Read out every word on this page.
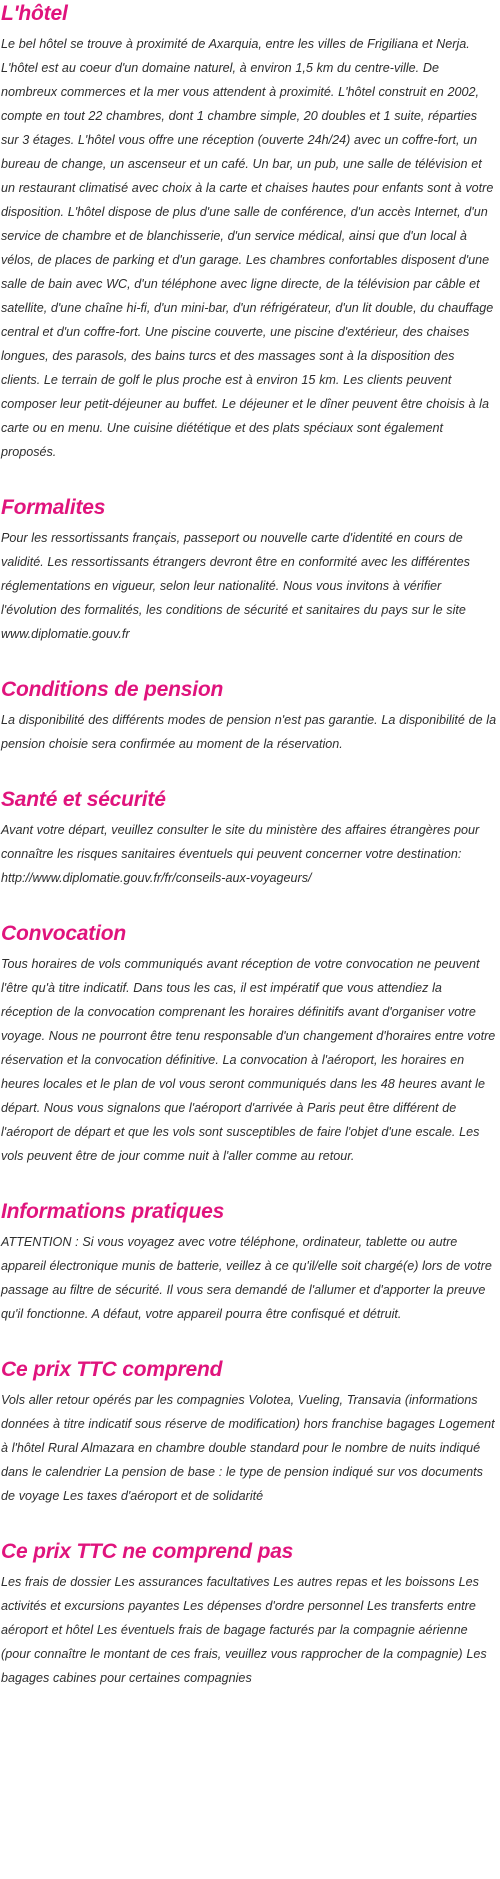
L'hôtel

Le bel hôtel se trouve à proximité de Axarquia, entre les villes de Frigiliana et Nerja. L'hôtel est au coeur d'un domaine naturel, à environ 1,5 km du centre-ville. De nombreux commerces et la mer vous attendent à proximité. L'hôtel construit en 2002, compte en tout 22 chambres, dont 1 chambre simple, 20 doubles et 1 suite, réparties sur 3 étages. L'hôtel vous offre une réception (ouverte 24h/24) avec un coffre-fort, un bureau de change, un ascenseur et un café. Un bar, un pub, une salle de télévision et un restaurant climatisé avec choix à la carte et chaises hautes pour enfants sont à votre disposition. L'hôtel dispose de plus d'une salle de conférence, d'un accès Internet, d'un service de chambre et de blanchisserie, d'un service médical, ainsi que d'un local à vélos, de places de parking et d'un garage. Les chambres confortables disposent d'une salle de bain avec WC, d'un téléphone avec ligne directe, de la télévision par câble et satellite, d'une chaîne hi-fi, d'un mini-bar, d'un réfrigérateur, d'un lit double, du chauffage central et d'un coffre-fort. Une piscine couverte, une piscine d'extérieur, des chaises longues, des parasols, des bains turcs et des massages sont à la disposition des clients. Le terrain de golf le plus proche est à environ 15 km. Les clients peuvent composer leur petit-déjeuner au buffet. Le déjeuner et le dîner peuvent être choisis à la carte ou en menu. Une cuisine diététique et des plats spéciaux sont également proposés.

Formalites

Pour les ressortissants français, passeport ou nouvelle carte d'identité en cours de validité. Les ressortissants étrangers devront être en conformité avec les différentes réglementations en vigueur, selon leur nationalité. Nous vous invitons à vérifier l'évolution des formalités, les conditions de sécurité et sanitaires du pays sur le site www.diplomatie.gouv.fr

Conditions de pension

La disponibilité des différents modes de pension n'est pas garantie. La disponibilité de la pension choisie sera confirmée au moment de la réservation.

Santé et sécurité

Avant votre départ, veuillez consulter le site du ministère des affaires étrangères pour connaître les risques sanitaires éventuels qui peuvent concerner votre destination: http://www.diplomatie.gouv.fr/fr/conseils-aux-voyageurs/

Convocation

Tous horaires de vols communiqués avant réception de votre convocation ne peuvent l'être qu'à titre indicatif. Dans tous les cas, il est impératif que vous attendiez la réception de la convocation comprenant les horaires définitifs avant d'organiser votre voyage. Nous ne pourront être tenu responsable d'un changement d'horaires entre votre réservation et la convocation définitive. La convocation à l'aéroport, les horaires en heures locales et le plan de vol vous seront communiqués dans les 48 heures avant le départ. Nous vous signalons que l'aéroport d'arrivée à Paris peut être différent de l'aéroport de départ et que les vols sont susceptibles de faire l'objet d'une escale. Les vols peuvent être de jour comme nuit à l'aller comme au retour.

Informations pratiques

ATTENTION : Si vous voyagez avec votre téléphone, ordinateur, tablette ou autre appareil électronique munis de batterie, veillez à ce qu'il/elle soit chargé(e) lors de votre passage au filtre de sécurité. Il vous sera demandé de l'allumer et d'apporter la preuve qu'il fonctionne. A défaut, votre appareil pourra être confisqué et détruit.

Ce prix TTC comprend

Vols aller retour opérés par les compagnies Volotea, Vueling, Transavia (informations données à titre indicatif sous réserve de modification) hors franchise bagages Logement à l'hôtel Rural Almazara en chambre double standard pour le nombre de nuits indiqué dans le calendrier La pension de base : le type de pension indiqué sur vos documents de voyage Les taxes d'aéroport et de solidarité

Ce prix TTC ne comprend pas

Les frais de dossier Les assurances facultatives Les autres repas et les boissons Les activités et excursions payantes Les dépenses d'ordre personnel Les transferts entre aéroport et hôtel Les éventuels frais de bagage facturés par la compagnie aérienne (pour connaître le montant de ces frais, veuillez vous rapprocher de la compagnie) Les bagages cabines pour certaines compagnies
